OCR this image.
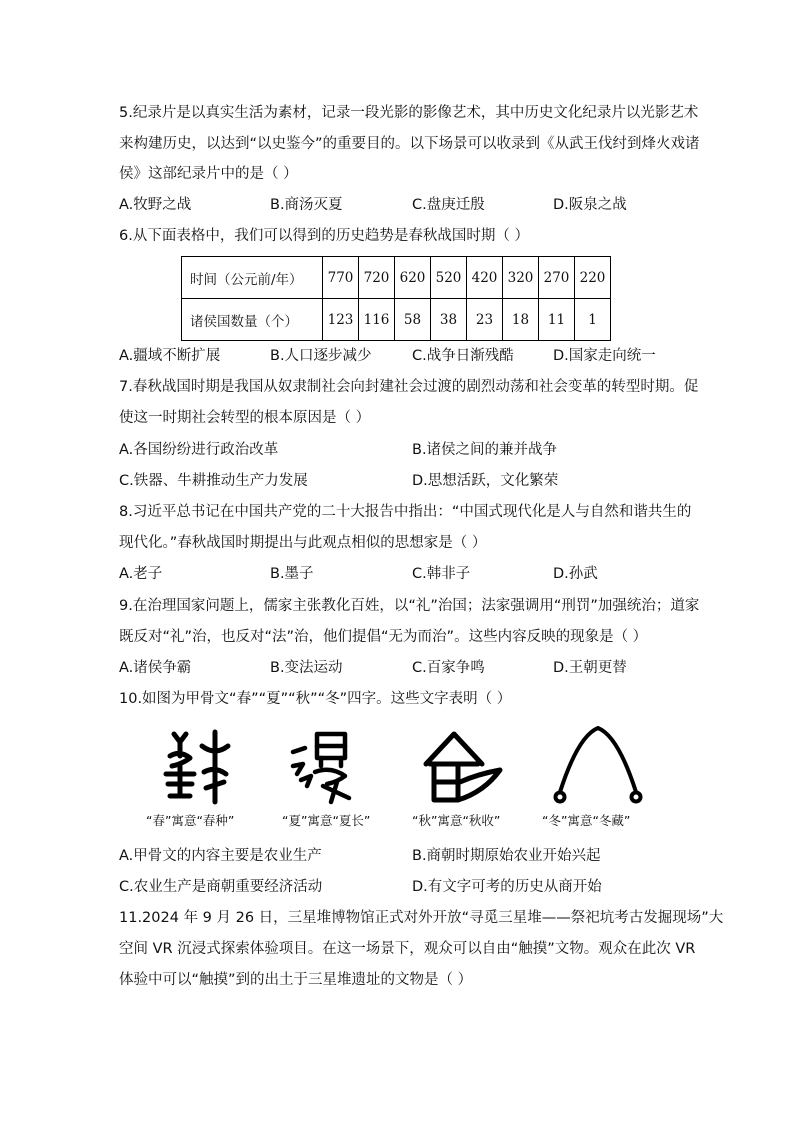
5.纪录片是以真实生活为素材，记录一段光影的影像艺术，其中历史文化纪录片以光影艺术
来构建历史，以达到“以史鉴今”的重要目的。以下场景可以收录到《从武王伐纣到烽火戏诸
侯》这部纪录片中的是（ ）
A.牧野之战	B.商汤灭夏	C.盘庚迁殷	D.阪泉之战
6.从下面表格中，我们可以得到的历史趋势是春秋战国时期（ ）
时间（公元前/年）	770	720	620	520	420	320	270	220
诸侯国数量（个）	123	116	58	38	23	18	11	1
A.疆域不断扩展	B.人口逐步减少	C.战争日渐残酷	D.国家走向统一
7.春秋战国时期是我国从奴隶制社会向封建社会过渡的剧烈动荡和社会变革的转型时期。促
使这一时期社会转型的根本原因是（ ）
A.各国纷纷进行政治改革	B.诸侯之间的兼并战争
C.铁器、牛耕推动生产力发展	D.思想活跃，文化繁荣
8.习近平总书记在中国共产党的二十大报告中指出：“中国式现代化是人与自然和谐共生的
现代化。”春秋战国时期提出与此观点相似的思想家是（ ）
A.老子	B.墨子	C.韩非子	D.孙武
9.在治理国家问题上，儒家主张教化百姓，以“礼”治国；法家强调用“刑罚”加强统治；道家
既反对“礼”治，也反对“法”治，他们提倡“无为而治”。这些内容反映的现象是（ ）
A.诸侯争霸	B.变法运动	C.百家争鸣	D.王朝更替
10.如图为甲骨文“春”“夏”“秋”“冬”四字。这些文字表明（ ）
“春”寓意“春种”	“夏”寓意“夏长”	“秋”寓意“秋收”	“冬”寓意“冬藏”
A.甲骨文的内容主要是农业生产	B.商朝时期原始农业开始兴起
C.农业生产是商朝重要经济活动	D.有文字可考的历史从商开始
11.2024 年 9 月 26 日，三星堆博物馆正式对外开放“寻觅三星堆——祭祀坑考古发掘现场”大
空间 VR 沉浸式探索体验项目。在这一场景下，观众可以自由“触摸”文物。观众在此次 VR
体验中可以“触摸”到的出土于三星堆遗址的文物是（ ）
